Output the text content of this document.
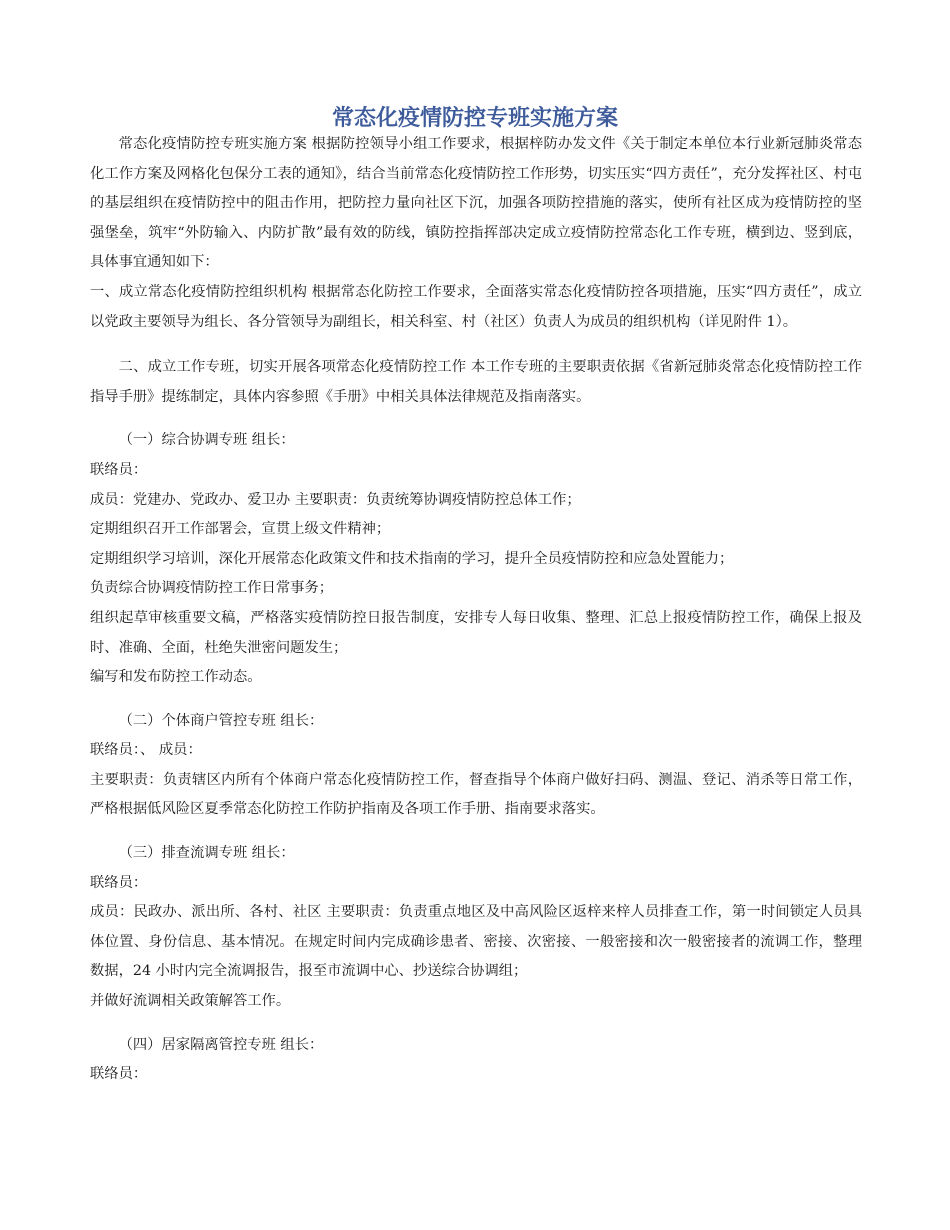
常态化疫情防控专班实施方案

常态化疫情防控专班实施方案 根据防控领导小组工作要求，根据梓防办发文件《关于制定本单位本行业新冠肺炎常态化工作方案及网格化包保分工表的通知》，结合当前常态化疫情防控工作形势，切实压实“四方责任”，充分发挥社区、村屯的基层组织在疫情防控中的阻击作用，把防控力量向社区下沉，加强各项防控措施的落实，使所有社区成为疫情防控的坚强堡垒，筑牢“外防输入、内防扩散”最有效的防线，镇防控指挥部决定成立疫情防控常态化工作专班，横到边、竖到底，具体事宜通知如下：

一、成立常态化疫情防控组织机构 根据常态化防控工作要求，全面落实常态化疫情防控各项措施，压实“四方责任”，成立以党政主要领导为组长、各分管领导为副组长，相关科室、村（社区）负责人为成员的组织机构（详见附件 1）。

二、成立工作专班，切实开展各项常态化疫情防控工作 本工作专班的主要职责依据《省新冠肺炎常态化疫情防控工作指导手册》提练制定，具体内容参照《手册》中相关具体法律规范及指南落实。

（一）综合协调专班 组长：

联络员：

成员：党建办、党政办、爱卫办 主要职责：负责统筹协调疫情防控总体工作；

定期组织召开工作部署会，宣贯上级文件精神；

定期组织学习培训，深化开展常态化政策文件和技术指南的学习，提升全员疫情防控和应急处置能力；

负责综合协调疫情防控工作日常事务；

组织起草审核重要文稿，严格落实疫情防控日报告制度，安排专人每日收集、整理、汇总上报疫情防控工作，确保上报及时、准确、全面，杜绝失泄密问题发生；

编写和发布防控工作动态。

（二）个体商户管控专班 组长：

联络员：、 成员：

主要职责：负责辖区内所有个体商户常态化疫情防控工作，督查指导个体商户做好扫码、测温、登记、消杀等日常工作，严格根据低风险区夏季常态化防控工作防护指南及各项工作手册、指南要求落实。

（三）排查流调专班 组长：

联络员：

成员：民政办、派出所、各村、社区 主要职责：负责重点地区及中高风险区返梓来梓人员排查工作，第一时间锁定人员具体位置、身份信息、基本情况。在规定时间内完成确诊患者、密接、次密接、一般密接和次一般密接者的流调工作，整理数据，24 小时内完全流调报告，报至市流调中心、抄送综合协调组；

并做好流调相关政策解答工作。

（四）居家隔离管控专班 组长：

联络员：
